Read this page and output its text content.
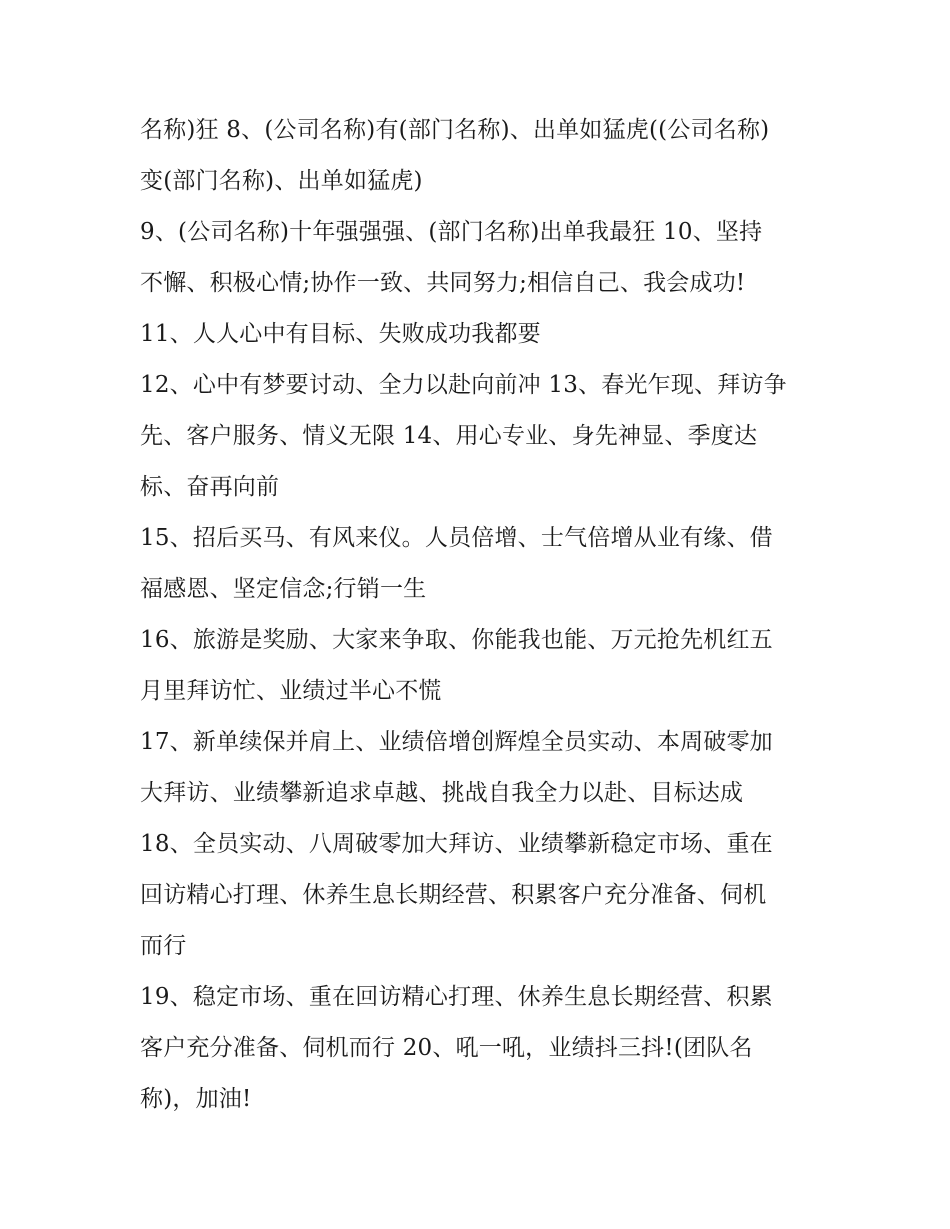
名称)狂 8、(公司名称)有(部门名称)、出单如猛虎((公司名称)
变(部门名称)、出单如猛虎)
9、(公司名称)十年强强强、(部门名称)出单我最狂 10、坚持
不懈、积极心情;协作一致、共同努力;相信自己、我会成功!
11、人人心中有目标、失败成功我都要
12、心中有梦要讨动、全力以赴向前冲 13、春光乍现、拜访争
先、客户服务、情义无限 14、用心专业、身先神显、季度达
标、奋再向前
15、招后买马、有风来仪。人员倍增、士气倍增从业有缘、借
福感恩、坚定信念;行销一生
16、旅游是奖励、大家来争取、你能我也能、万元抢先机红五
月里拜访忙、业绩过半心不慌
17、新单续保并肩上、业绩倍增创辉煌全员实动、本周破零加
大拜访、业绩攀新追求卓越、挑战自我全力以赴、目标达成
18、全员实动、八周破零加大拜访、业绩攀新稳定市场、重在
回访精心打理、休养生息长期经营、积累客户充分准备、伺机
而行
19、稳定市场、重在回访精心打理、休养生息长期经营、积累
客户充分准备、伺机而行 20、吼一吼，业绩抖三抖!(团队名
称)，加油!
